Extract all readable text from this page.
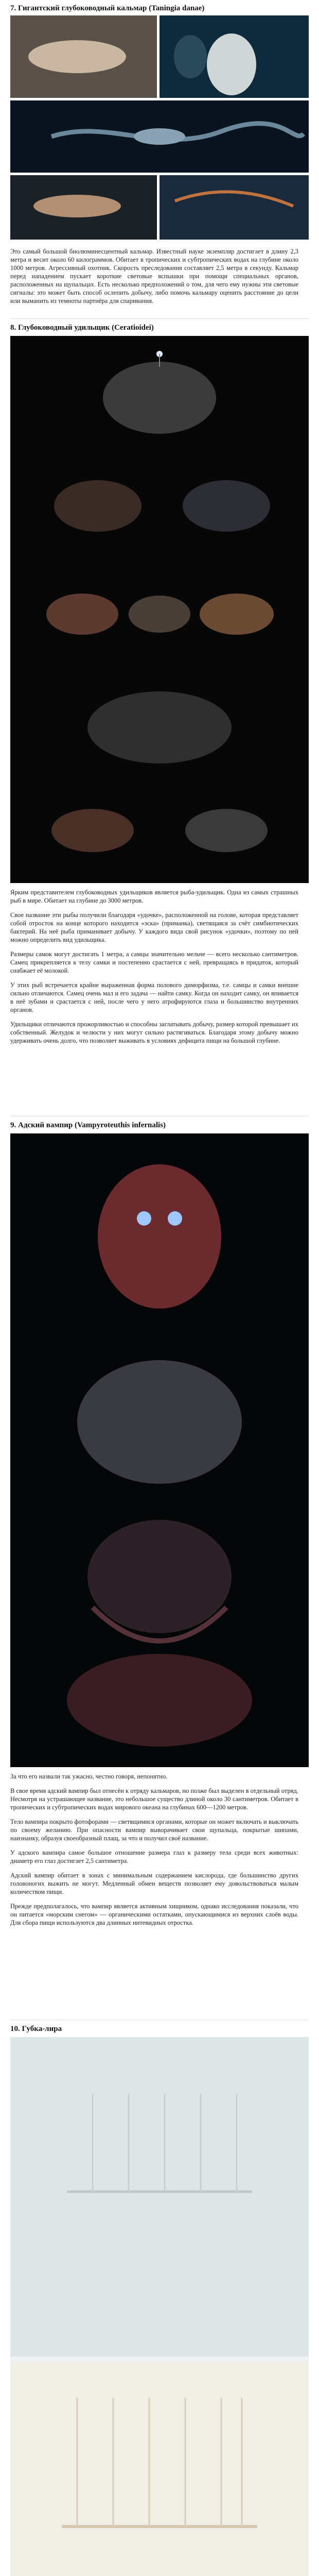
7. Гигантский глубоководный кальмар (Taningia danae)

Это самый большой биолюминесцентный кальмар. Известный науке экземпляр достигает в длину 2,3 метра и весит около 60 килограммов. Обитает в тропических и субтропических водах на глубине около 1000 метров. Агрессивный охотник. Скорость преследования составляет 2,5 метра в секунду. Кальмар перед нападением пускает короткие световые вспышки при помощи специальных органов, расположенных на щупальцах. Есть несколько предположений о том, для чего ему нужны эти световые сигналы: это может быть способ ослепить добычу, либо помочь кальмару оценить расстояние до цели или выманить из темноты партнёра для спаривания.

8. Глубоководный удильщик (Ceratioidei)

Ярким представителем глубоководных удильщиков является рыба-удильщик. Одна из самых страшных рыб в мире. Обитает на глубине до 3000 метров.

Свое название эти рыбы получили благодаря «удочке», расположенной на голове, которая представляет собой отросток на конце которого находится «эска» (приманка), светящаяся за счёт симбиотических бактерий. На неё рыба приманивает добычу. У каждого вида свой рисунок «удочки», поэтому по ней можно определить вид удильщика.

Размеры самок могут достигать 1 метра, а самцы значительно мельче — всего несколько сантиметров. Самец прикрепляется к телу самки и постепенно срастается с ней, превращаясь в придаток, который снабжает её молокой.

У этих рыб встречается крайне выраженная форма полового диморфизма, т.е. самцы и самки внешне сильно отличаются. Самец очень мал и его задача — найти самку. Когда он находит самку, он впивается в неё зубами и срастается с ней, после чего у него атрофируются глаза и большинство внутренних органов.

Удильщики отличаются прожорливостью и способны заглатывать добычу, размер которой превышает их собственный. Желудок и челюсти у них могут сильно растягиваться. Благодаря этому добычу можно удерживать очень долго, что позволяет выживать в условиях дефицита пищи на большой глубине.

9. Адский вампир (Vampyroteuthis infernalis)

За что его назвали так ужасно, честно говоря, непонятно.

В свое время адский вампир был отнесён к отряду кальмаров, но позже был выделен в отдельный отряд. Несмотря на устрашающее название, это небольшое существо длиной около 30 сантиметров. Обитает в тропических и субтропических водах мирового океана на глубинах 600—1200 метров.

Тело вампира покрыто фотофорами — светящимися органами, которые он может включать и выключать по своему желанию. При опасности вампир выворачивает свои щупальца, покрытые шипами, наизнанку, образуя своеобразный плащ, за что и получил своё название.

У адского вампира самое большое отношение размера глаз к размеру тела среди всех животных: диаметр его глаз достигает 2,5 сантиметра.

Адский вампир обитает в зонах с минимальным содержанием кислорода, где большинство других головоногих выжить не могут. Медленный обмен веществ позволяет ему довольствоваться малым количеством пищи.

Прежде предполагалось, что вампир является активным хищником, однако исследования показали, что он питается «морским снегом» — органическими остатками, опускающимися из верхних слоёв воды. Для сбора пищи используются два длинных нитевидных отростка.

10. Губка-лира
